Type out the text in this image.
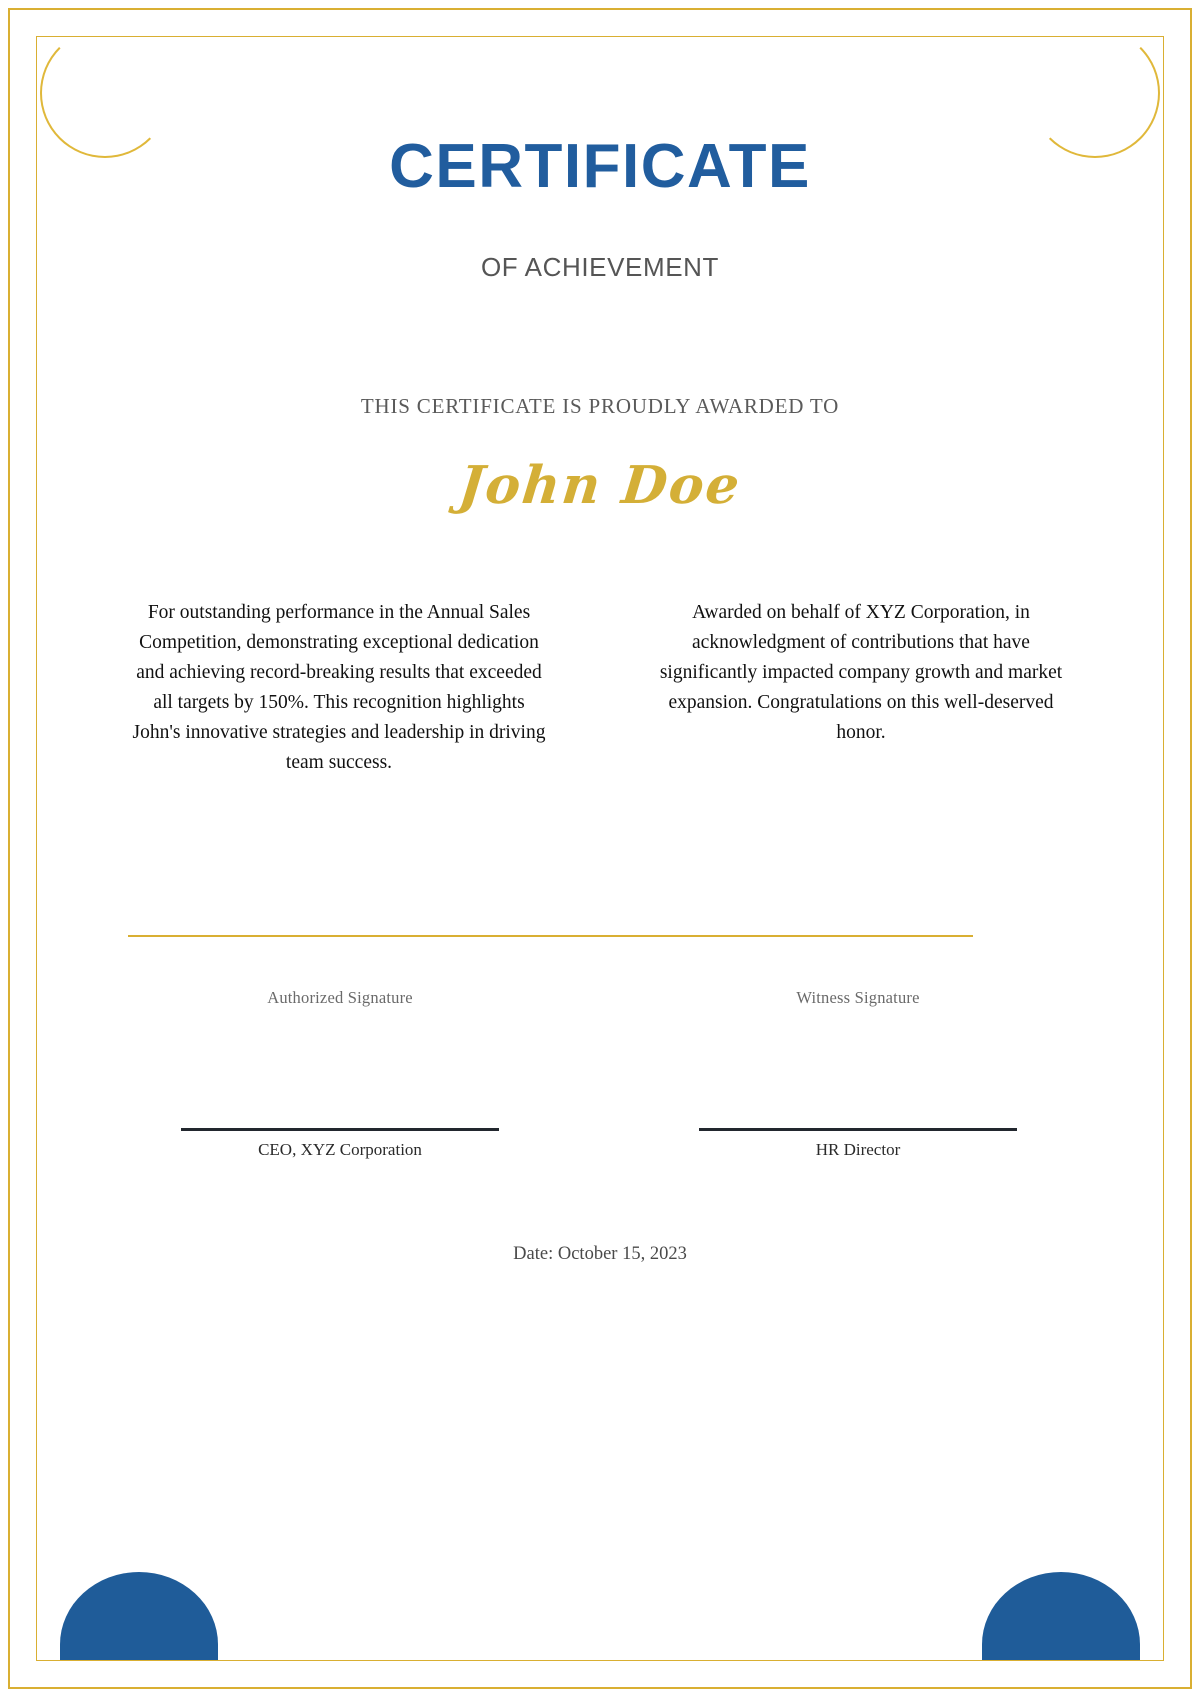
CERTIFICATE
OF ACHIEVEMENT
THIS CERTIFICATE IS PROUDLY AWARDED TO
John Doe
For outstanding performance in the Annual Sales Competition, demonstrating exceptional dedication and achieving record-breaking results that exceeded all targets by 150%. This recognition highlights John's innovative strategies and leadership in driving team success.
Awarded on behalf of XYZ Corporation, in acknowledgment of contributions that have significantly impacted company growth and market expansion. Congratulations on this well-deserved honor.
Authorized Signature
CEO, XYZ Corporation
Witness Signature
HR Director
Date: October 15, 2023
